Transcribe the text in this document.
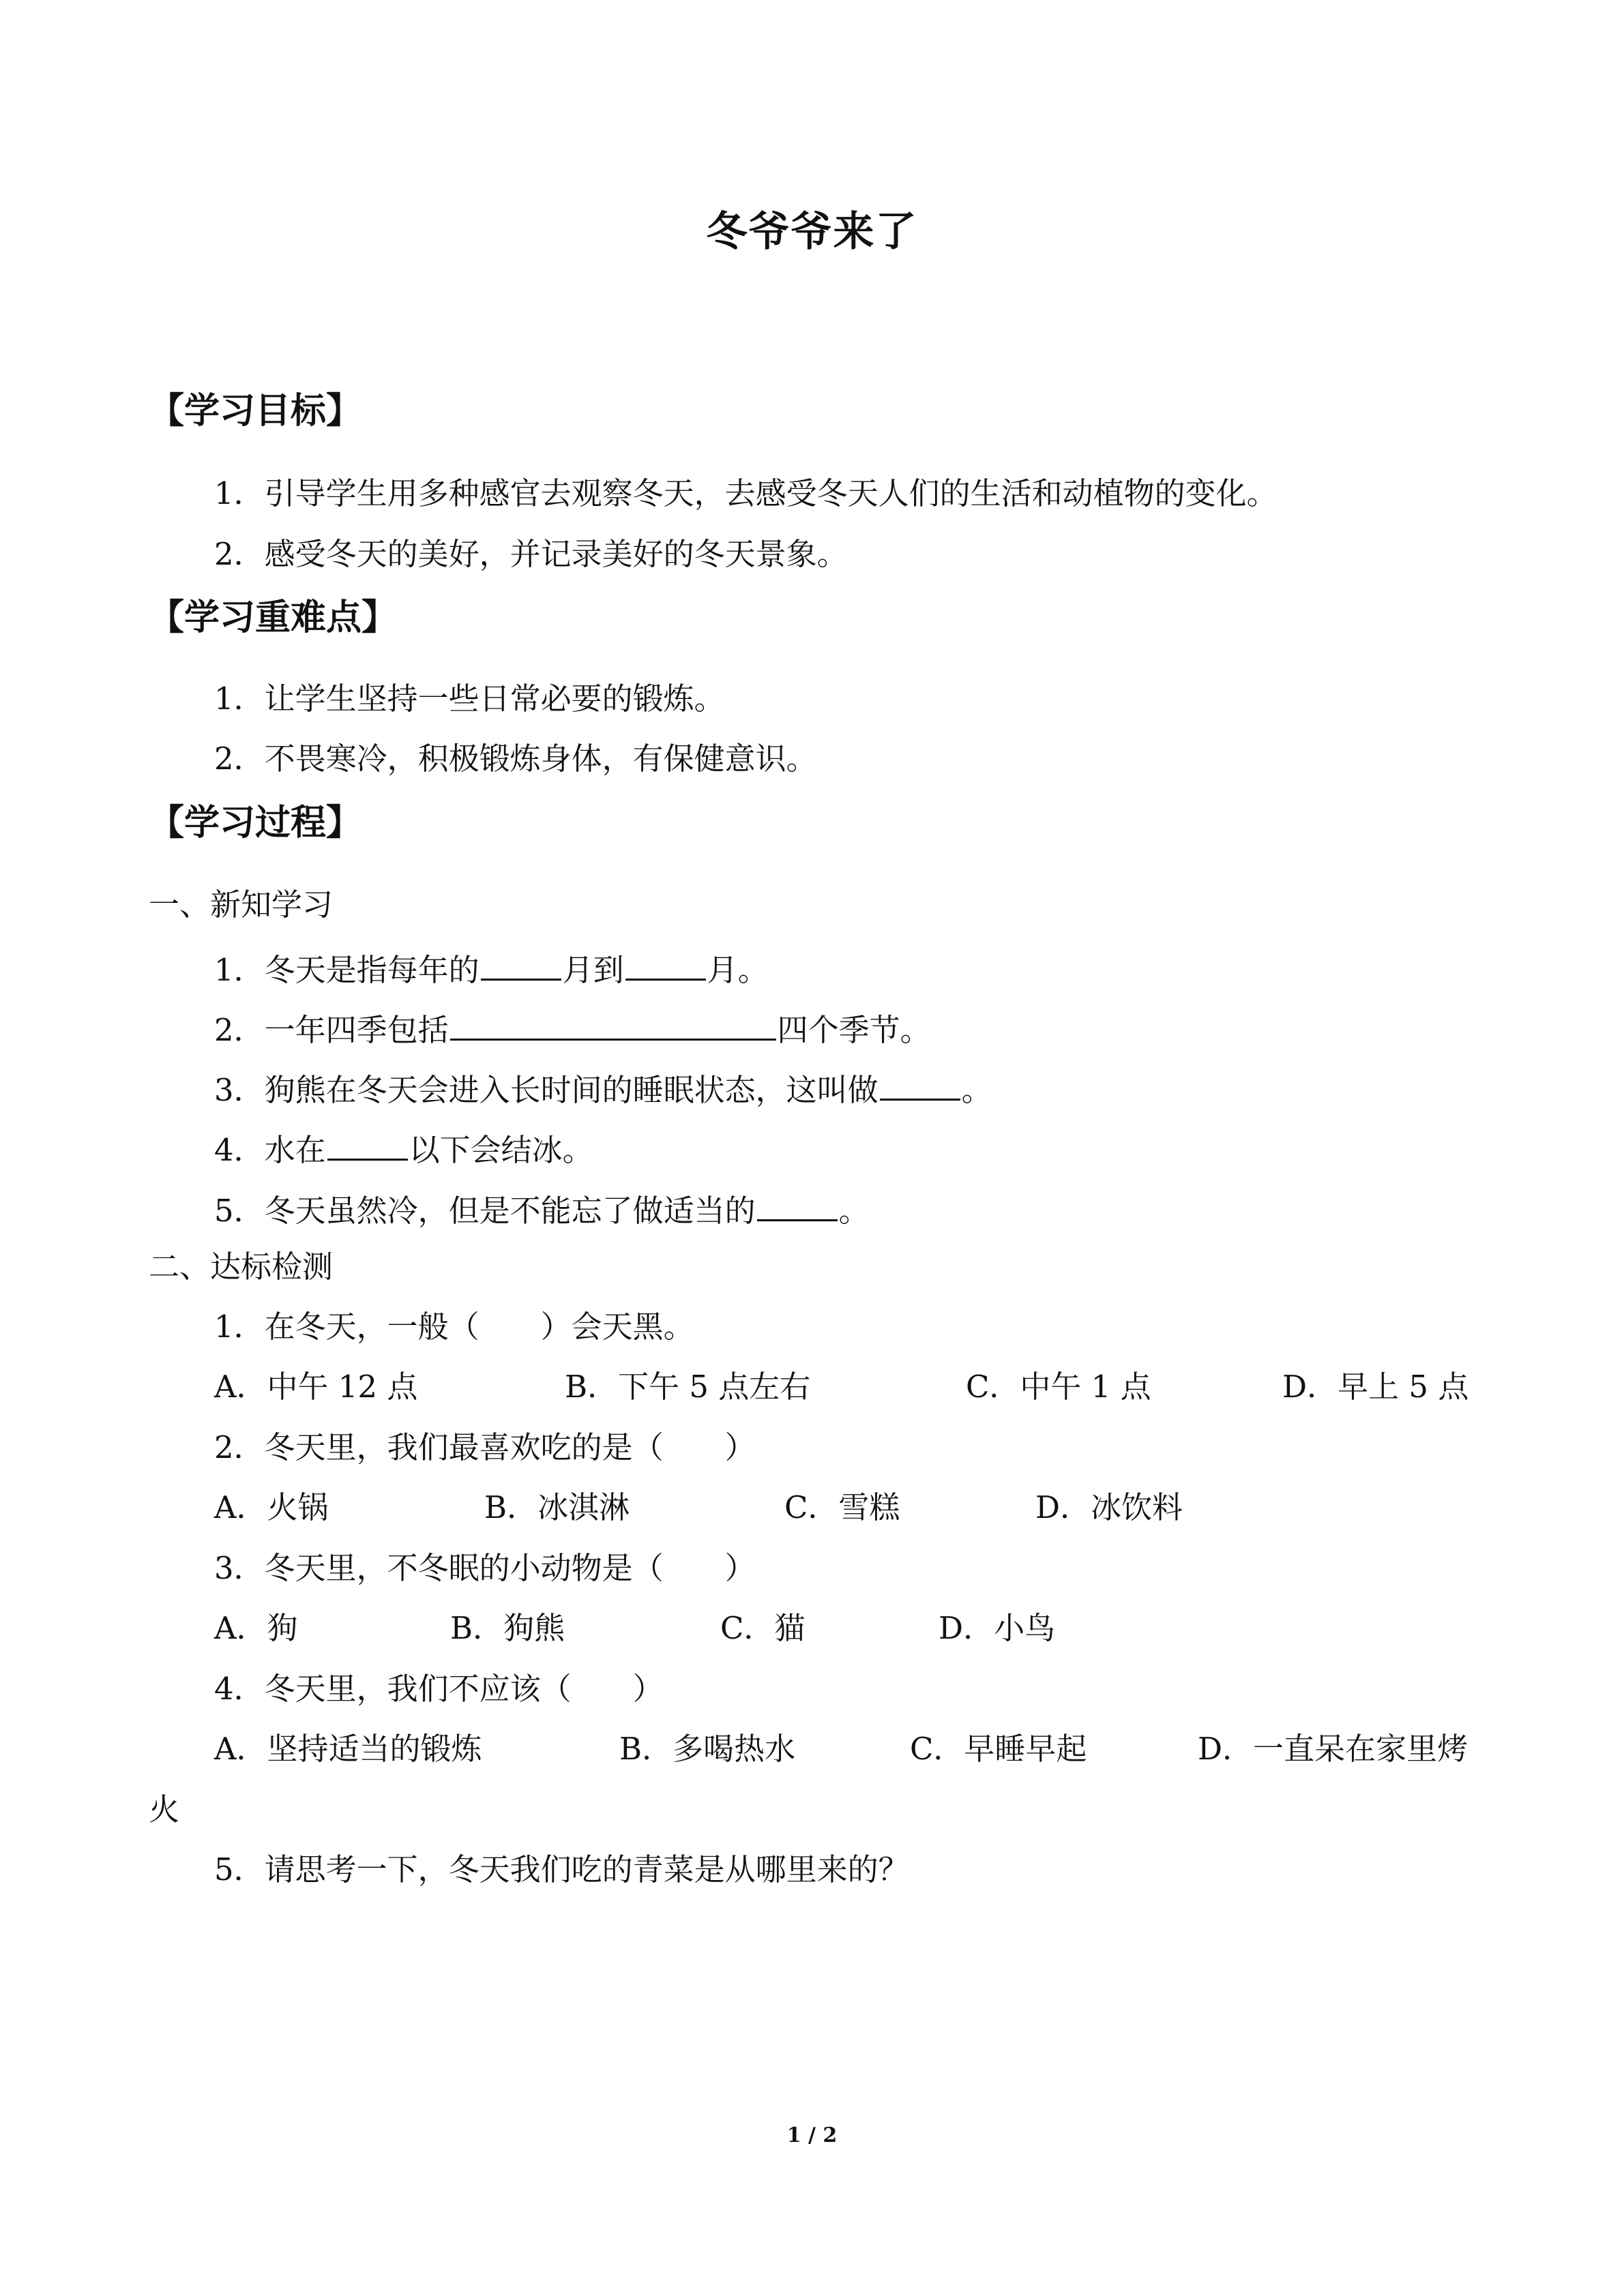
冬爷爷来了
【学习目标】
1．引导学生用多种感官去观察冬天，去感受冬天人们的生活和动植物的变化。
2．感受冬天的美好，并记录美好的冬天景象。
【学习重难点】
1．让学生坚持一些日常必要的锻炼。
2．不畏寒冷，积极锻炼身体，有保健意识。
【学习过程】
一、新知学习
1．冬天是指每年的	月到	月。
2．一年四季包括	四个季节。
3．狗熊在冬天会进入长时间的睡眠状态，这叫做	。
4．水在	以下会结冰。
5．冬天虽然冷，但是不能忘了做适当的	。
二、达标检测
1．在冬天，一般（　　）会天黑。
A．中午 12 点	B．下午 5 点左右	C．中午 1 点	D．早上 5 点
2．冬天里，我们最喜欢吃的是（　　）
A．火锅	B．冰淇淋	C．雪糕	D．冰饮料
3．冬天里，不冬眠的小动物是（　　）
A．狗	B．狗熊	C．猫	D．小鸟
4．冬天里，我们不应该（　　）
A．坚持适当的锻炼	B．多喝热水	C．早睡早起	D．一直呆在家里烤
火
5．请思考一下，冬天我们吃的青菜是从哪里来的？
1 / 2
